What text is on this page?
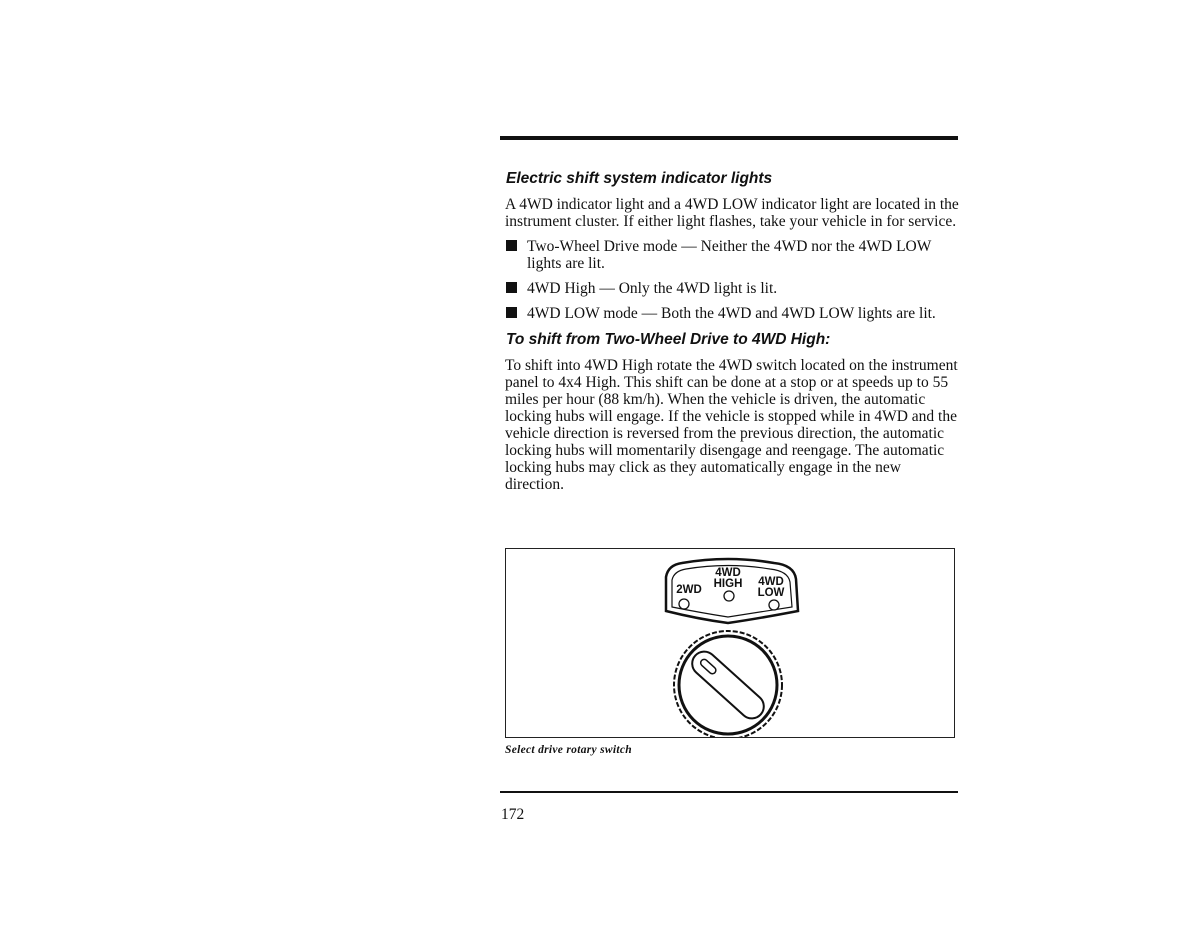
Electric shift system indicator lights
A 4WD indicator light and a 4WD LOW indicator light are located in the instrument cluster. If either light flashes, take your vehicle in for service.
Two-Wheel Drive mode — Neither the 4WD nor the 4WD LOW lights are lit.
4WD High — Only the 4WD light is lit.
4WD LOW mode — Both the 4WD and 4WD LOW lights are lit.
To shift from Two-Wheel Drive to 4WD High:
To shift into 4WD High rotate the 4WD switch located on the instrument panel to 4x4 High. This shift can be done at a stop or at speeds up to 55 miles per hour (88 km/h). When the vehicle is driven, the automatic locking hubs will engage. If the vehicle is stopped while in 4WD and the vehicle direction is reversed from the previous direction, the automatic locking hubs will momentarily disengage and reengage. The automatic locking hubs may click as they automatically engage in the new direction.
2WD
4WD
HIGH 4WD
LOW
Select drive rotary switch
172
